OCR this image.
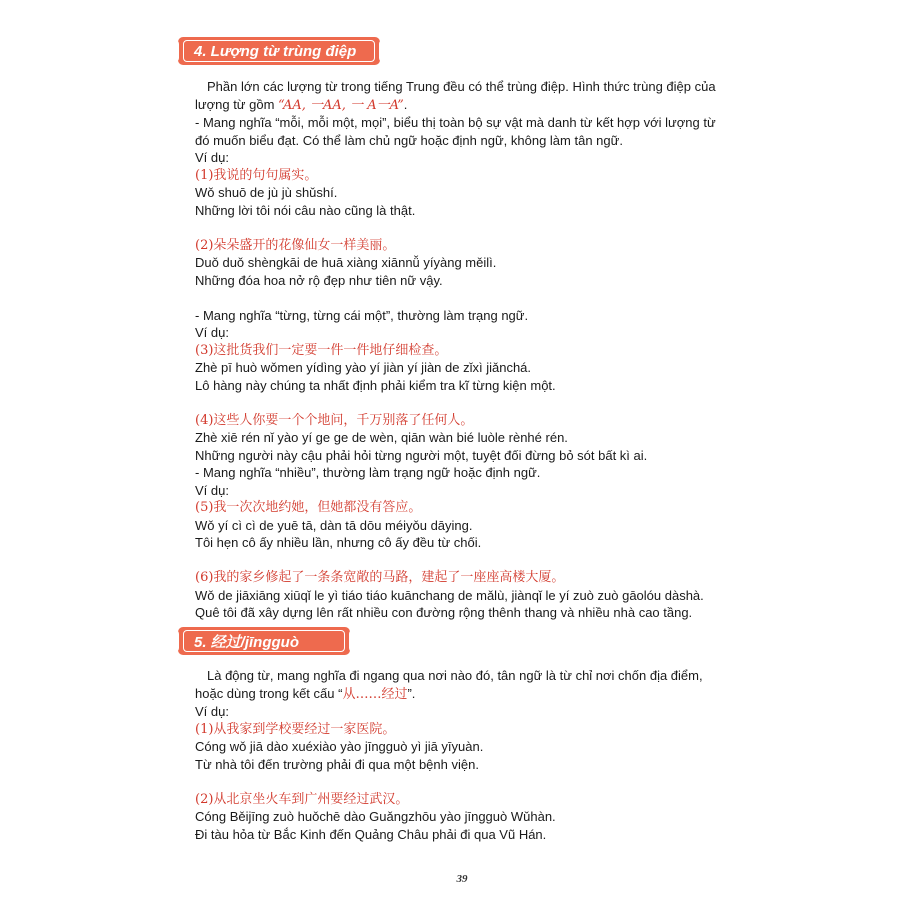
4. Lượng từ trùng điệp

Phần lớn các lượng từ trong tiếng Trung đều có thể trùng điệp. Hình thức trùng điệp của

lượng từ gồm “AA, 一AA, 一 A一A”.

- Mang nghĩa “mỗi, mỗi một, mọi”, biểu thị toàn bộ sự vật mà danh từ kết hợp với lượng từ

đó muốn biểu đạt. Có thể làm chủ ngữ hoặc định ngữ, không làm tân ngữ.

Ví dụ:

(1)我说的句句属实。

Wǒ shuō de jù jù shǔshí.

Những lời tôi nói câu nào cũng là thật.

(2)朵朵盛开的花像仙女一样美丽。

Duǒ duǒ shèngkāi de huā xiàng xiānnǚ yíyàng měilì.

Những đóa hoa nở rộ đẹp như tiên nữ vậy.

- Mang nghĩa “từng, từng cái một”, thường làm trạng ngữ.

Ví dụ:

(3)这批货我们一定要一件一件地仔细检查。

Zhè pī huò wǒmen yídìng yào yí jiàn yí jiàn de zǐxì jiǎnchá.

Lô hàng này chúng ta nhất định phải kiểm tra kĩ từng kiện một.

(4)这些人你要一个个地问，千万别落了任何人。

Zhè xiē rén nǐ yào yí ge ge de wèn, qiān wàn bié luòle rènhé rén.

Những người này cậu phải hỏi từng người một, tuyệt đối đừng bỏ sót bất kì ai.

- Mang nghĩa “nhiều”, thường làm trạng ngữ hoặc định ngữ.

Ví dụ:

(5)我一次次地约她，但她都没有答应。

Wǒ yí cì cì de yuē tā, dàn tā dōu méiyǒu dāying.

Tôi hẹn cô ấy nhiều lần, nhưng cô ấy đều từ chối.

(6)我的家乡修起了一条条宽敞的马路，建起了一座座高楼大厦。

Wǒ de jiāxiāng xiūqǐ le yì tiáo tiáo kuānchang de mǎlù, jiànqǐ le yí zuò zuò gāolóu dàshà.

Quê tôi đã xây dựng lên rất nhiều con đường rộng thênh thang và nhiều nhà cao tầng.

5. 经过/jīngguò

Là động từ, mang nghĩa đi ngang qua nơi nào đó, tân ngữ là từ chỉ nơi chốn địa điểm,

hoặc dùng trong kết cấu “从……经过”.

Ví dụ:

(1)从我家到学校要经过一家医院。

Cóng wǒ jiā dào xuéxiào yào jīngguò yì jiā yīyuàn.

Từ nhà tôi đến trường phải đi qua một bệnh viện.

(2)从北京坐火车到广州要经过武汉。

Cóng Běijīng zuò huǒchē dào Guǎngzhōu yào jīngguò Wǔhàn.

Đi tàu hỏa từ Bắc Kinh đến Quảng Châu phải đi qua Vũ Hán.

39
